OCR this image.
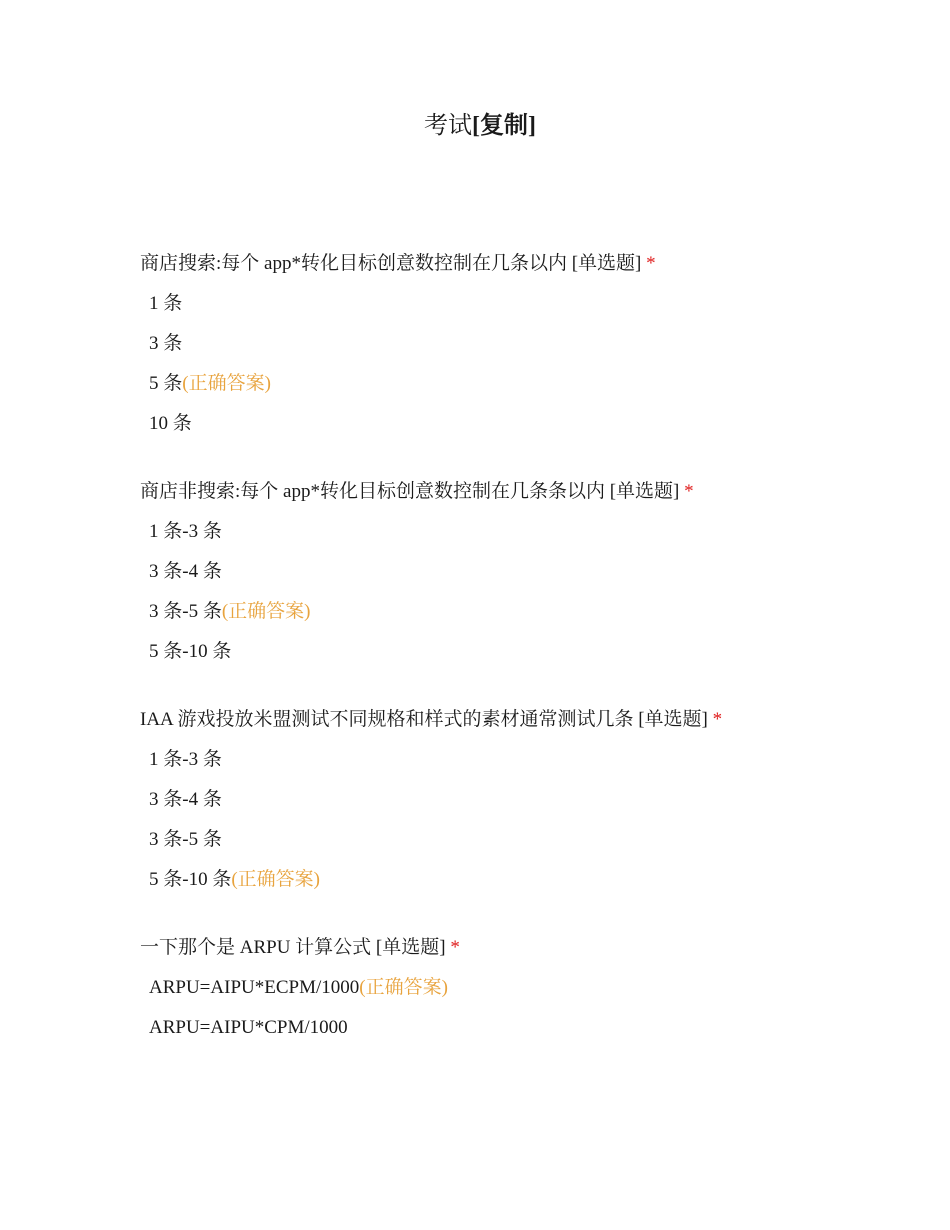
考试[复制]
商店搜索:每个 app*转化目标创意数控制在几条以内 [单选题] *
1 条
3 条
5 条(正确答案)
10 条
商店非搜索:每个 app*转化目标创意数控制在几条条以内 [单选题] *
1 条-3 条
3 条-4 条
3 条-5 条(正确答案)
5 条-10 条
IAA 游戏投放米盟测试不同规格和样式的素材通常测试几条 [单选题] *
1 条-3 条
3 条-4 条
3 条-5 条
5 条-10 条(正确答案)
一下那个是 ARPU 计算公式 [单选题] *
ARPU=AIPU*ECPM/1000(正确答案)
ARPU=AIPU*CPM/1000
